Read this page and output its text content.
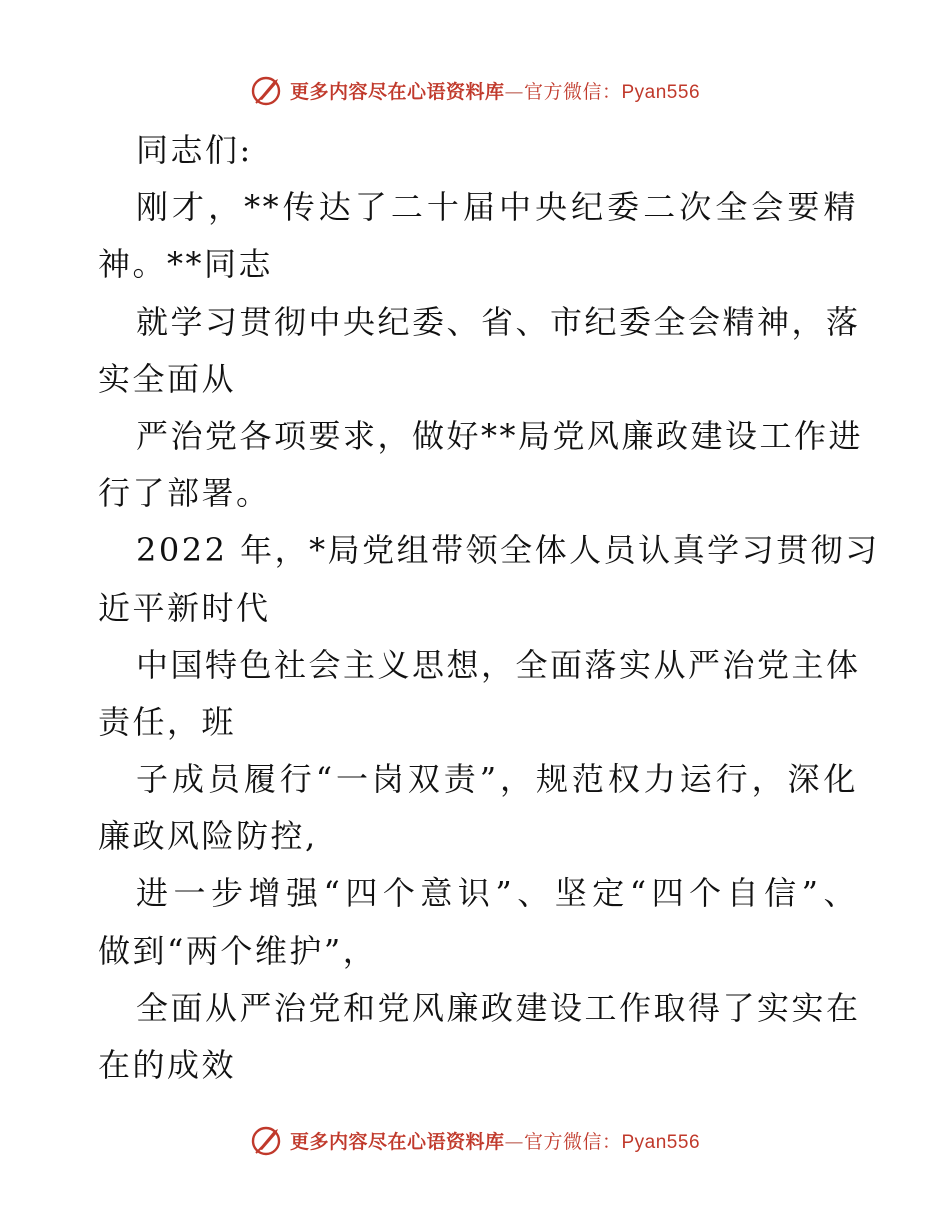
更多内容尽在心语资料库—官方微信：Pyan556
同志们:
刚才，**传达了二十届中央纪委二次全会要精
神。**同志
就学习贯彻中央纪委、省、市纪委全会精神，落
实全面从
严治党各项要求，做好**局党风廉政建设工作进
行了部署。
2022 年，*局党组带领全体人员认真学习贯彻习
近平新时代
中国特色社会主义思想，全面落实从严治党主体
责任，班
子成员履行“一岗双责”，规范权力运行，深化
廉政风险防控,
进一步增强“四个意识”、坚定“四个自信”、
做到“两个维护”，
全面从严治党和党风廉政建设工作取得了实实在
在的成效
更多内容尽在心语资料库—官方微信：Pyan556
